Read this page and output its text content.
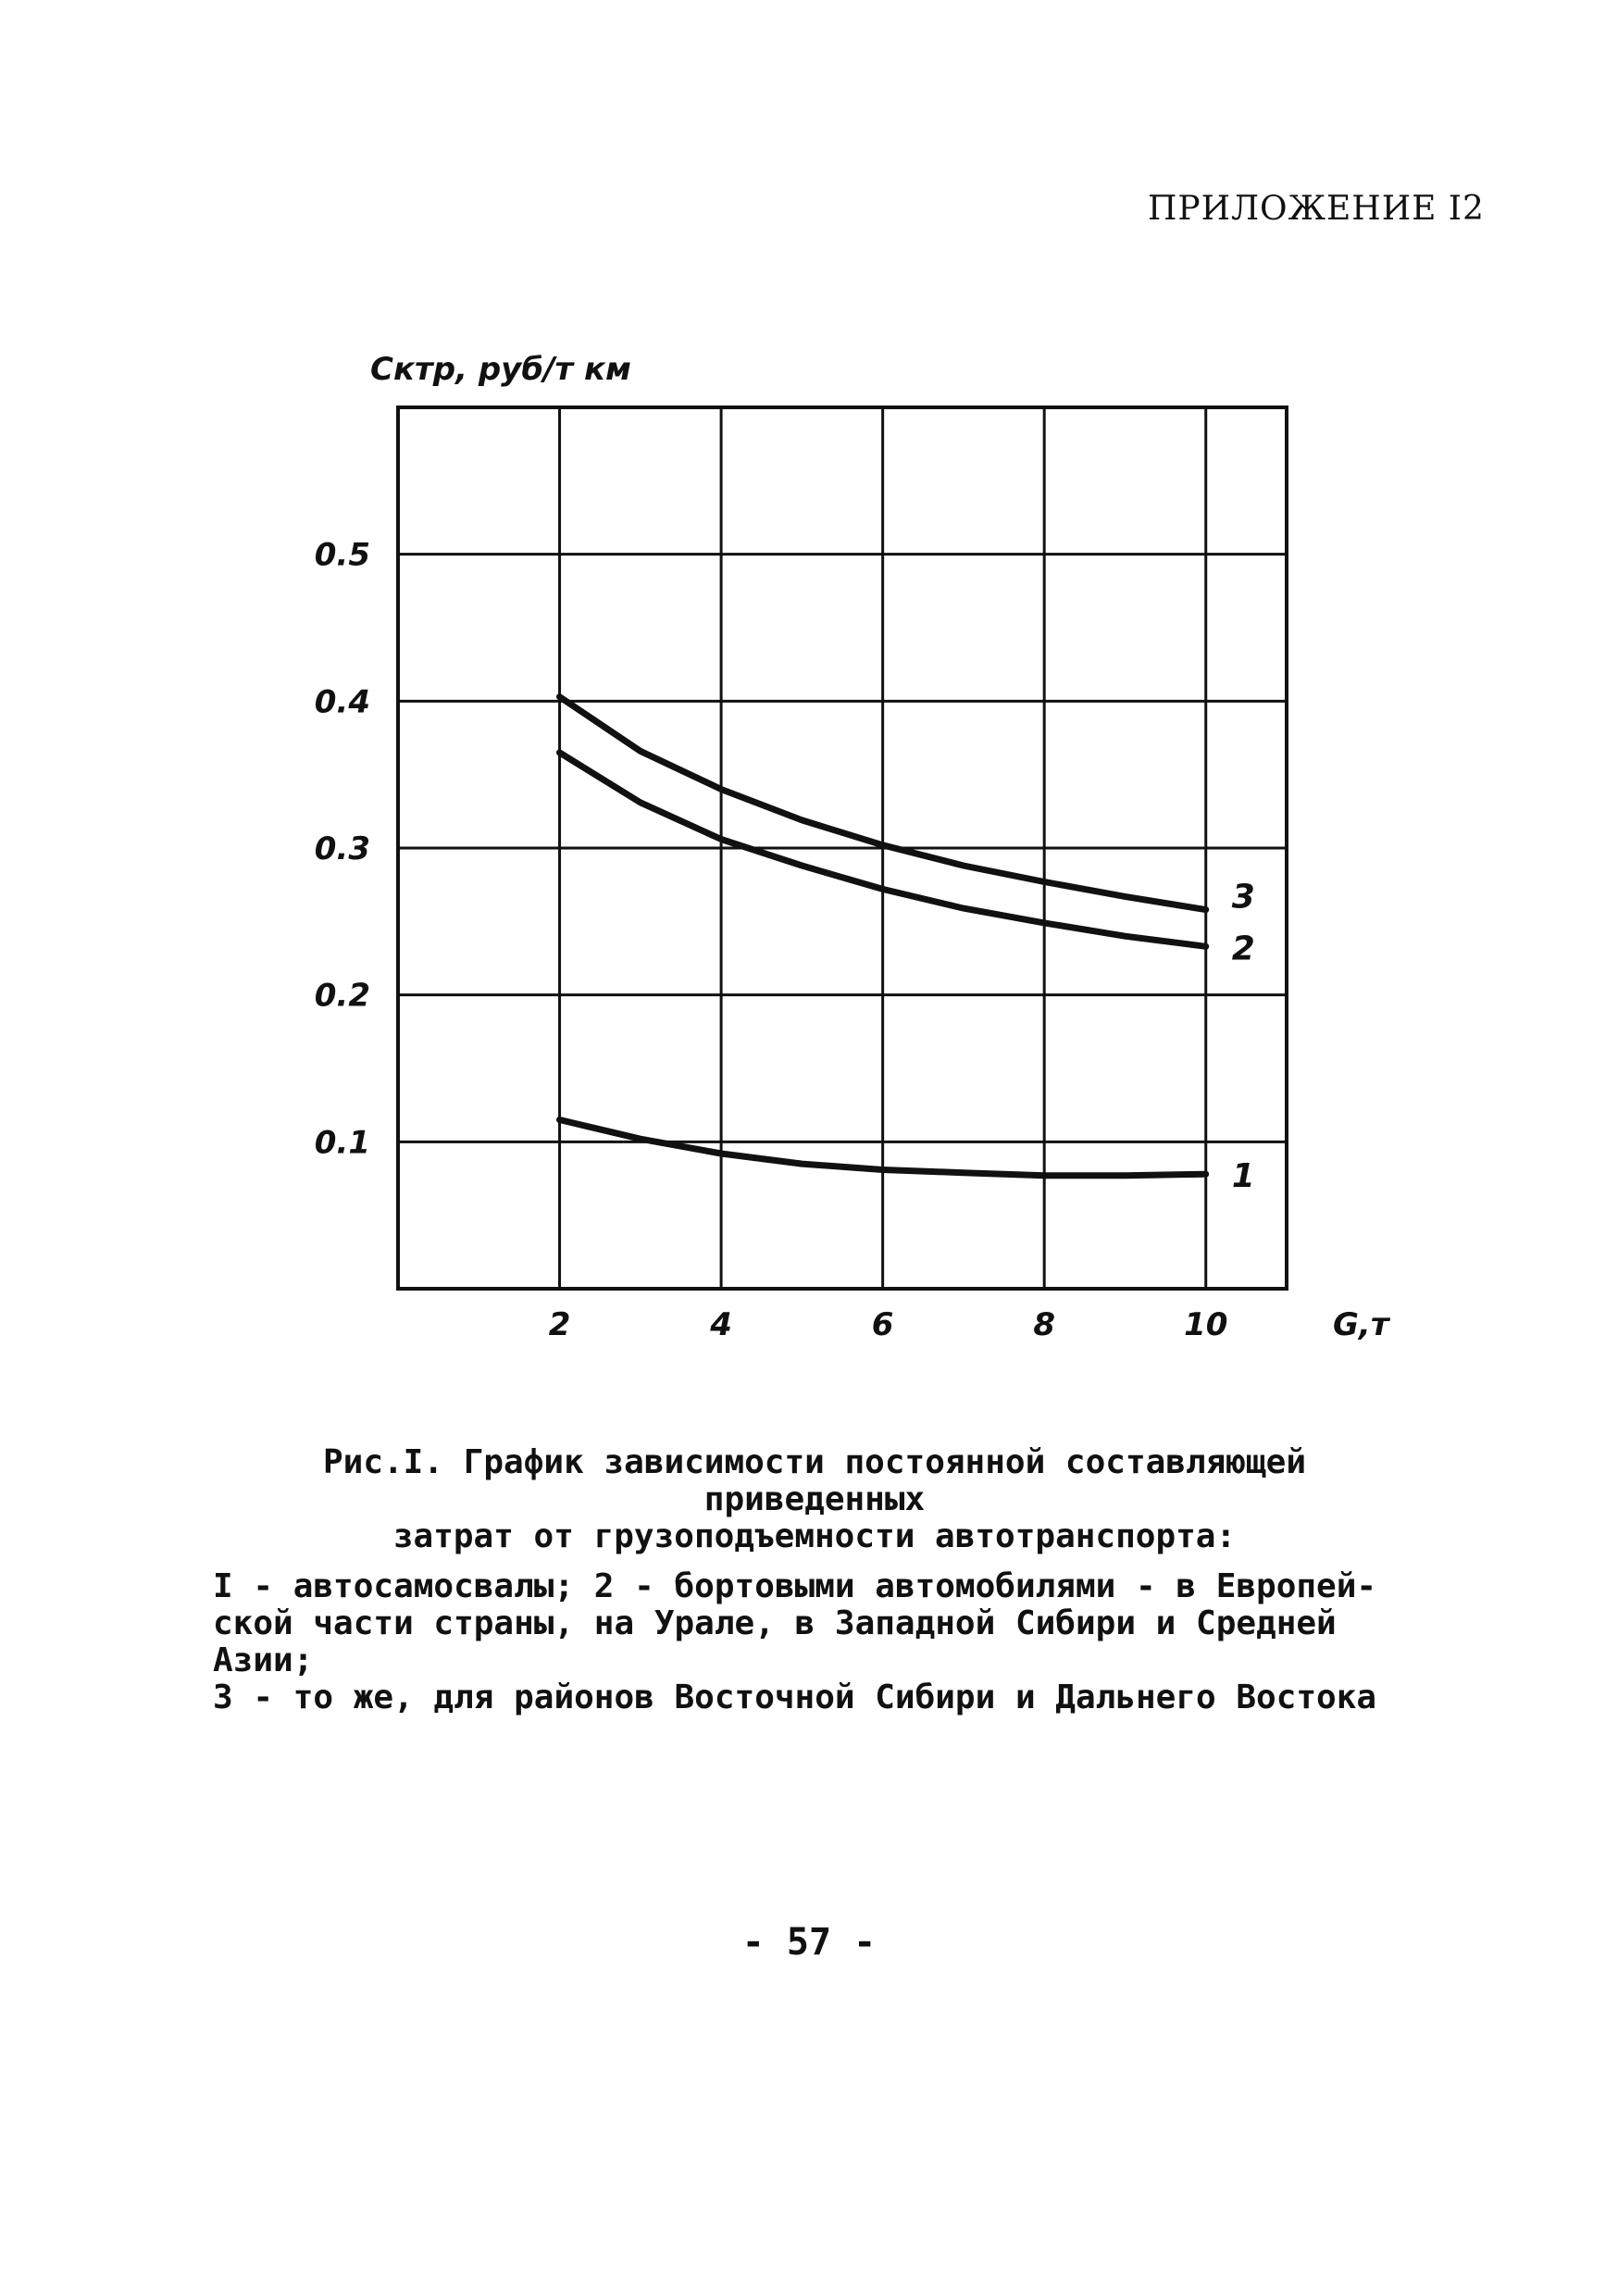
ПРИЛОЖЕНИЕ I2
1
2
3
2	4	6	8	10
0.1
0.2
0.3
0.4
0.5
Cктр, руб/т км
G,т

Рис.I. График зависимости постоянной составляющей приведенных

затрат от грузоподъемности автотранспорта:

I - автосамосвалы; 2 - бортовыми автомобилями - в Европей-

ской части страны, на Урале, в Западной Сибири и Средней Азии;

3 - то же, для районов Восточной Сибири и Дальнего Востока

- 57 -
